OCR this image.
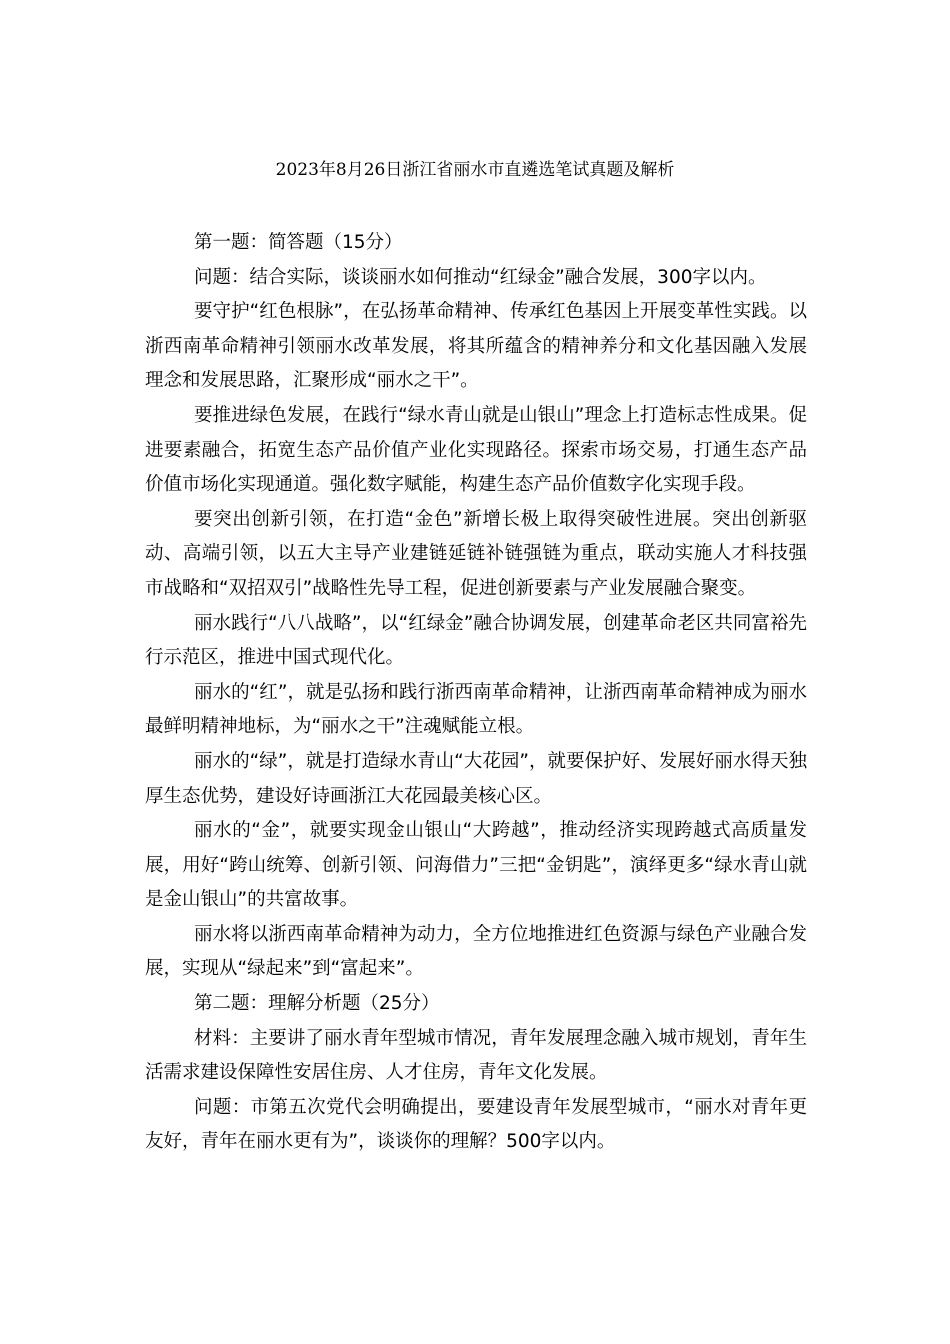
2023年8月26日浙江省丽水市直遴选笔试真题及解析

第一题：简答题（15分）

问题：结合实际，谈谈丽水如何推动“红绿金”融合发展，300字以内。

要守护“红色根脉”，在弘扬革命精神、传承红色基因上开展变革性实践。以浙西南革命精神引领丽水改革发展，将其所蕴含的精神养分和文化基因融入发展理念和发展思路，汇聚形成“丽水之干”。

要推进绿色发展，在践行“绿水青山就是山银山”理念上打造标志性成果。促进要素融合，拓宽生态产品价值产业化实现路径。探索市场交易，打通生态产品价值市场化实现通道。强化数字赋能，构建生态产品价值数字化实现手段。

要突出创新引领，在打造“金色”新增长极上取得突破性进展。突出创新驱动、高端引领，以五大主导产业建链延链补链强链为重点，联动实施人才科技强市战略和“双招双引”战略性先导工程，促进创新要素与产业发展融合聚变。

丽水践行“八八战略”，以“红绿金”融合协调发展，创建革命老区共同富裕先行示范区，推进中国式现代化。

丽水的“红”，就是弘扬和践行浙西南革命精神，让浙西南革命精神成为丽水最鲜明精神地标，为“丽水之干”注魂赋能立根。

丽水的“绿”，就是打造绿水青山“大花园”，就要保护好、发展好丽水得天独厚生态优势，建设好诗画浙江大花园最美核心区。

丽水的“金”，就要实现金山银山“大跨越”，推动经济实现跨越式高质量发展，用好“跨山统筹、创新引领、问海借力”三把“金钥匙”，演绎更多“绿水青山就是金山银山”的共富故事。

丽水将以浙西南革命精神为动力，全方位地推进红色资源与绿色产业融合发展，实现从“绿起来”到“富起来”。

第二题：理解分析题（25分）

材料：主要讲了丽水青年型城市情况，青年发展理念融入城市规划，青年生活需求建设保障性安居住房、人才住房，青年文化发展。

问题：市第五次党代会明确提出，要建设青年发展型城市，“丽水对青年更友好，青年在丽水更有为”，谈谈你的理解？500字以内。
